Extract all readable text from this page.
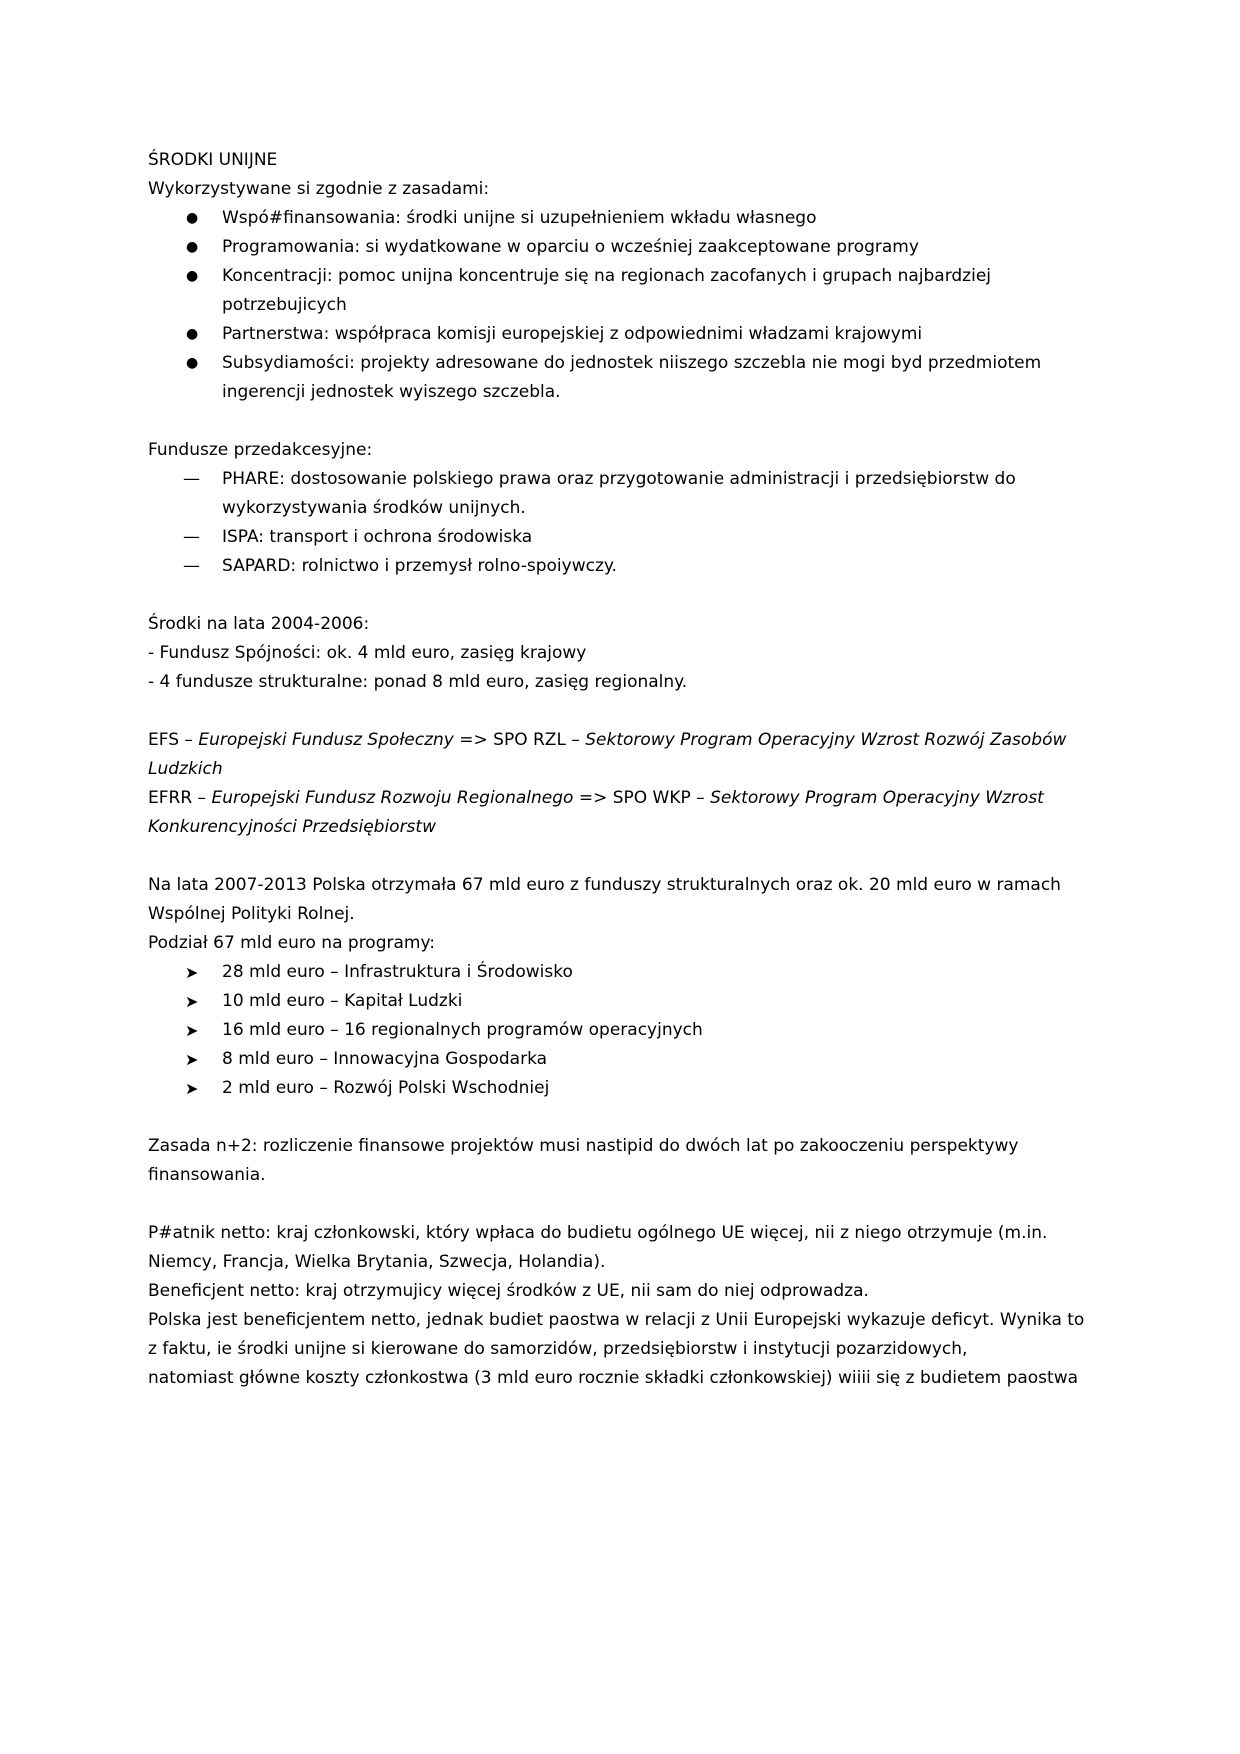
ŚRODKI UNIJNE

Wykorzystywane si zgodnie z zasadami:

●	Wspó#finansowania: środki unijne si uzupełnieniem wkładu własnego
●	Programowania: si wydatkowane w oparciu o wcześniej zaakceptowane programy
●	Koncentracji: pomoc unijna koncentruje się na regionach zacofanych i grupach najbardziej potrzebujicych
●	Partnerstwa: współpraca komisji europejskiej z odpowiednimi władzami krajowymi
●	Subsydiamości: projekty adresowane do jednostek niiszego szczebla nie mogi byd przedmiotem ingerencji jednostek wyiszego szczebla.

Fundusze przedakcesyjne:

—	PHARE: dostosowanie polskiego prawa oraz przygotowanie administracji i przedsiębiorstw do wykorzystywania środków unijnych.
—	ISPA: transport i ochrona środowiska
—	SAPARD: rolnictwo i przemysł rolno-spoiywczy.

Środki na lata 2004-2006:

- Fundusz Spójności: ok. 4 mld euro, zasięg krajowy

- 4 fundusze strukturalne: ponad 8 mld euro, zasięg regionalny.

EFS – Europejski Fundusz Społeczny => SPO RZL – Sektorowy Program Operacyjny Wzrost Rozwój Zasobów Ludzkich

EFRR – Europejski Fundusz Rozwoju Regionalnego => SPO WKP – Sektorowy Program Operacyjny Wzrost Konkurencyjności Przedsiębiorstw

Na lata 2007-2013 Polska otrzymała 67 mld euro z funduszy strukturalnych oraz ok. 20 mld euro w ramach Wspólnej Polityki Rolnej.

Podział 67 mld euro na programy:

➤	28 mld euro – Infrastruktura i Środowisko
➤	10 mld euro – Kapitał Ludzki
➤	16 mld euro – 16 regionalnych programów operacyjnych
➤	8 mld euro – Innowacyjna Gospodarka
➤	2 mld euro – Rozwój Polski Wschodniej

Zasada n+2: rozliczenie finansowe projektów musi nastipid do dwóch lat po zakooczeniu perspektywy finansowania.

P#atnik netto: kraj członkowski, który wpłaca do budietu ogólnego UE więcej, nii z niego otrzymuje (m.in. Niemcy, Francja, Wielka Brytania, Szwecja, Holandia).

Beneficjent netto: kraj otrzymujicy więcej środków z UE, nii sam do niej odprowadza.

Polska jest beneficjentem netto, jednak budiet paostwa w relacji z Unii Europejski wykazuje deficyt. Wynika to z faktu, ie środki unijne si kierowane do samorzidów, przedsiębiorstw i instytucji pozarzidowych,

natomiast główne koszty członkostwa (3 mld euro rocznie składki członkowskiej) wiiii się z budietem paostwa
